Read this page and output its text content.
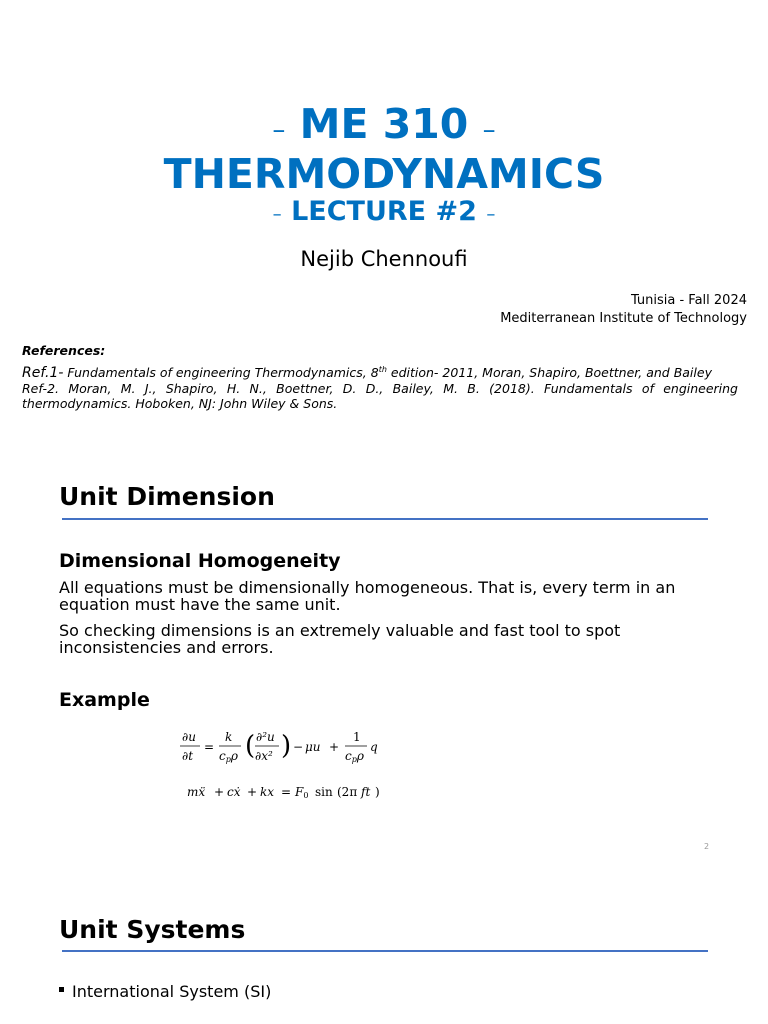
– ME 310 –
THERMODYNAMICS
– LECTURE #2 –
Nejib Chennoufi
Tunisia - Fall 2024
Mediterranean Institute of Technology
References:
Ref.1- Fundamentals of engineering Thermodynamics, 8th edition- 2011, Moran, Shapiro, Boettner, and Bailey
Ref-2. Moran, M. J., Shapiro, H. N., Boettner, D. D., Bailey, M. B. (2018). Fundamentals of engineering thermodynamics. Hoboken, NJ: John Wiley & Sons.
Unit Dimension
Dimensional Homogeneity
All equations must be dimensionally homogeneous. That is, every term in an equation must have the same unit.
So checking dimensions is an extremely valuable and fast tool to spot inconsistencies and errors.
Example
∂u
∂t
=
k
cpρ ( ∂²u
∂x² ) − μu +
1
cpρ
q
mẍ + cẋ + kx = F0 sin (2π ft )
2
Unit Systems
International System (SI)
